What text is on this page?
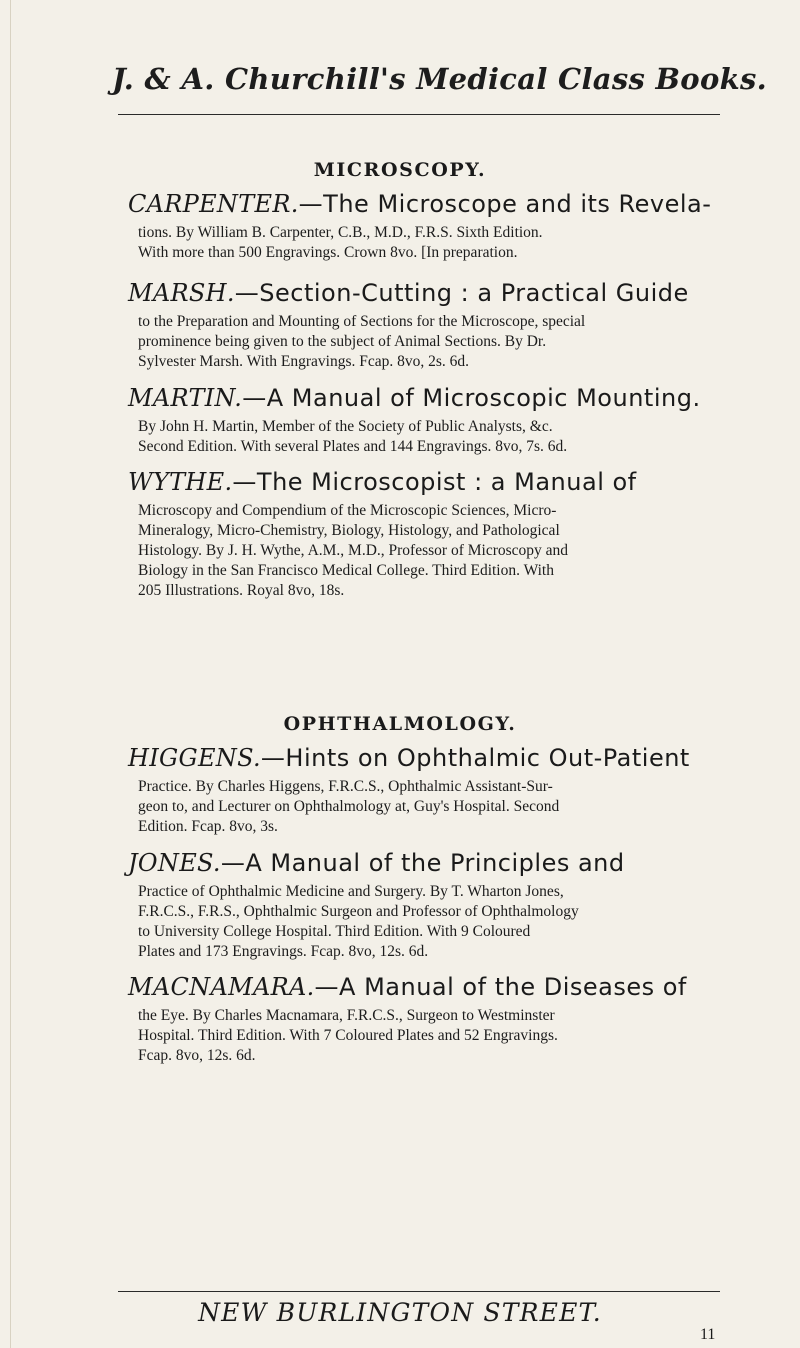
J. & A. Churchill's Medical Class Books.
MICROSCOPY.
CARPENTER.—The Microscope and its Revela-
tions. By William B. Carpenter, C.B., M.D., F.R.S. Sixth Edition.
With more than 500 Engravings. Crown 8vo. [In preparation.
MARSH.—Section-Cutting : a Practical Guide
to the Preparation and Mounting of Sections for the Microscope, special
prominence being given to the subject of Animal Sections. By Dr.
Sylvester Marsh. With Engravings. Fcap. 8vo, 2s. 6d.
MARTIN.—A Manual of Microscopic Mounting.
By John H. Martin, Member of the Society of Public Analysts, &c.
Second Edition. With several Plates and 144 Engravings. 8vo, 7s. 6d.
WYTHE.—The Microscopist : a Manual of
Microscopy and Compendium of the Microscopic Sciences, Micro-
Mineralogy, Micro-Chemistry, Biology, Histology, and Pathological
Histology. By J. H. Wythe, A.M., M.D., Professor of Microscopy and
Biology in the San Francisco Medical College. Third Edition. With
205 Illustrations. Royal 8vo, 18s.
OPHTHALMOLOGY.
HIGGENS.—Hints on Ophthalmic Out-Patient
Practice. By Charles Higgens, F.R.C.S., Ophthalmic Assistant-Sur-
geon to, and Lecturer on Ophthalmology at, Guy's Hospital. Second
Edition. Fcap. 8vo, 3s.
JONES.—A Manual of the Principles and
Practice of Ophthalmic Medicine and Surgery. By T. Wharton Jones,
F.R.C.S., F.R.S., Ophthalmic Surgeon and Professor of Ophthalmology
to University College Hospital. Third Edition. With 9 Coloured
Plates and 173 Engravings. Fcap. 8vo, 12s. 6d.
MACNAMARA.—A Manual of the Diseases of
the Eye. By Charles Macnamara, F.R.C.S., Surgeon to Westminster
Hospital. Third Edition. With 7 Coloured Plates and 52 Engravings.
Fcap. 8vo, 12s. 6d.
NEW BURLINGTON STREET.
11
